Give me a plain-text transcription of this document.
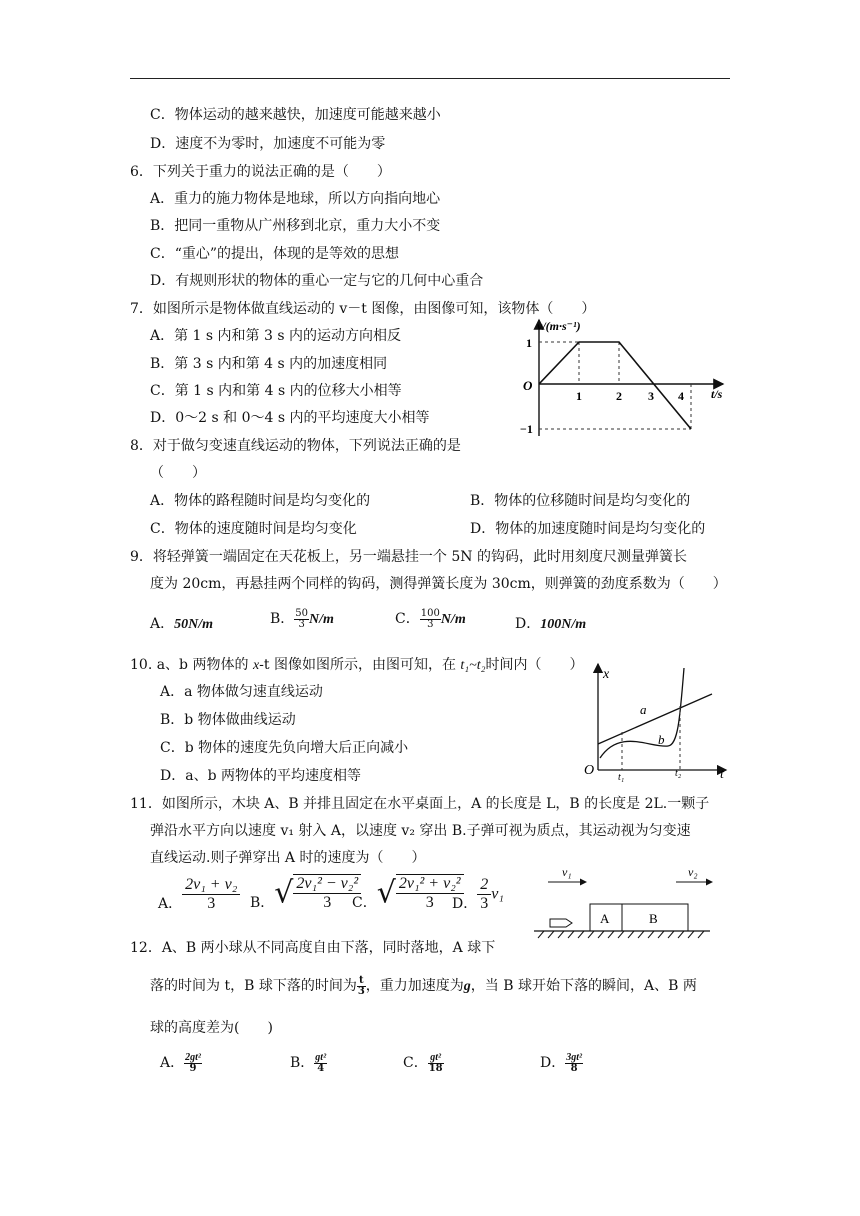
C．物体运动的越来越快，加速度可能越来越小
D．速度不为零时，加速度不可能为零
6．下列关于重力的说法正确的是（　　）
A．重力的施力物体是地球，所以方向指向地心
B．把同一重物从广州移到北京，重力大小不变
C．“重心”的提出，体现的是等效的思想
D．有规则形状的物体的重心一定与它的几何中心重合
7．如图所示是物体做直线运动的 v－t 图像，由图像可知，该物体（　　）
A．第 1 s 内和第 3 s 内的运动方向相反
B．第 3 s 内和第 4 s 内的加速度相同
C．第 1 s 内和第 4 s 内的位移大小相等
D．0～2 s 和 0～4 s 内的平均速度大小相等
v/(m·s⁻¹)
t/s
O
1
−1
1	2 3 4
8．对于做匀变速直线运动的物体，下列说法正确的是
（　　）
A．物体的路程随时间是均匀变化的	B．物体的位移随时间是均匀变化的
C．物体的速度随时间是均匀变化	D．物体的加速度随时间是均匀变化的
9．将轻弹簧一端固定在天花板上，另一端悬挂一个 5N 的钩码，此时用刻度尺测量弹簧长
度为 20cm，再悬挂两个同样的钩码，测得弹簧长度为 30cm，则弹簧的劲度系数为（　　）
A．50N/m	B． $\frac{50}{3} N/m$	C． $\frac{100}{3} N/m$	D．100N/m
10. a、b 两物体的 x-t 图像如图所示，由图可知，在 t₁~t₂时间内（　　）
A．a 物体做匀速直线运动
B．b 物体做曲线运动
C．b 物体的速度先负向增大后正向减小
D．a、b 两物体的平均速度相等
x
t
O
a
b
t₁	t₂
11．如图所示，木块 A、B 并排且固定在水平桌面上，A 的长度是 L，B 的长度是 2L.一颗子
弹沿水平方向以速度 v₁ 射入 A，以速度 v₂ 穿出 B.子弹可视为质点，其运动视为匀变速
直线运动.则子弹穿出 A 时的速度为（　　）
A． $\frac{\text{2v₁ + v₂}}{3}$ B．√ $\frac{\text{2v₁² − v₂²}}{3}$
C．√ $\frac{\text{2v₁² + v₂²}}{3}$
D． $\frac{2}{3} v_1$
v₁	v₂
A	B
12．A、B 两小球从不同高度自由下落，同时落地，A 球下
落的时间为 t，B 球下落的时间为 $\frac{t}{3}$ ，重力加速度为g，当 B 球开始下落的瞬间，A、B 两
球的高度差为(　　)
A． $\frac{\text{2gt²}}{9}$	B． $\frac{\text{gt²}}{4}$	C． $\frac{\text{gt²}}{18}$	D． $\frac{\text{3gt²}}{8}$
